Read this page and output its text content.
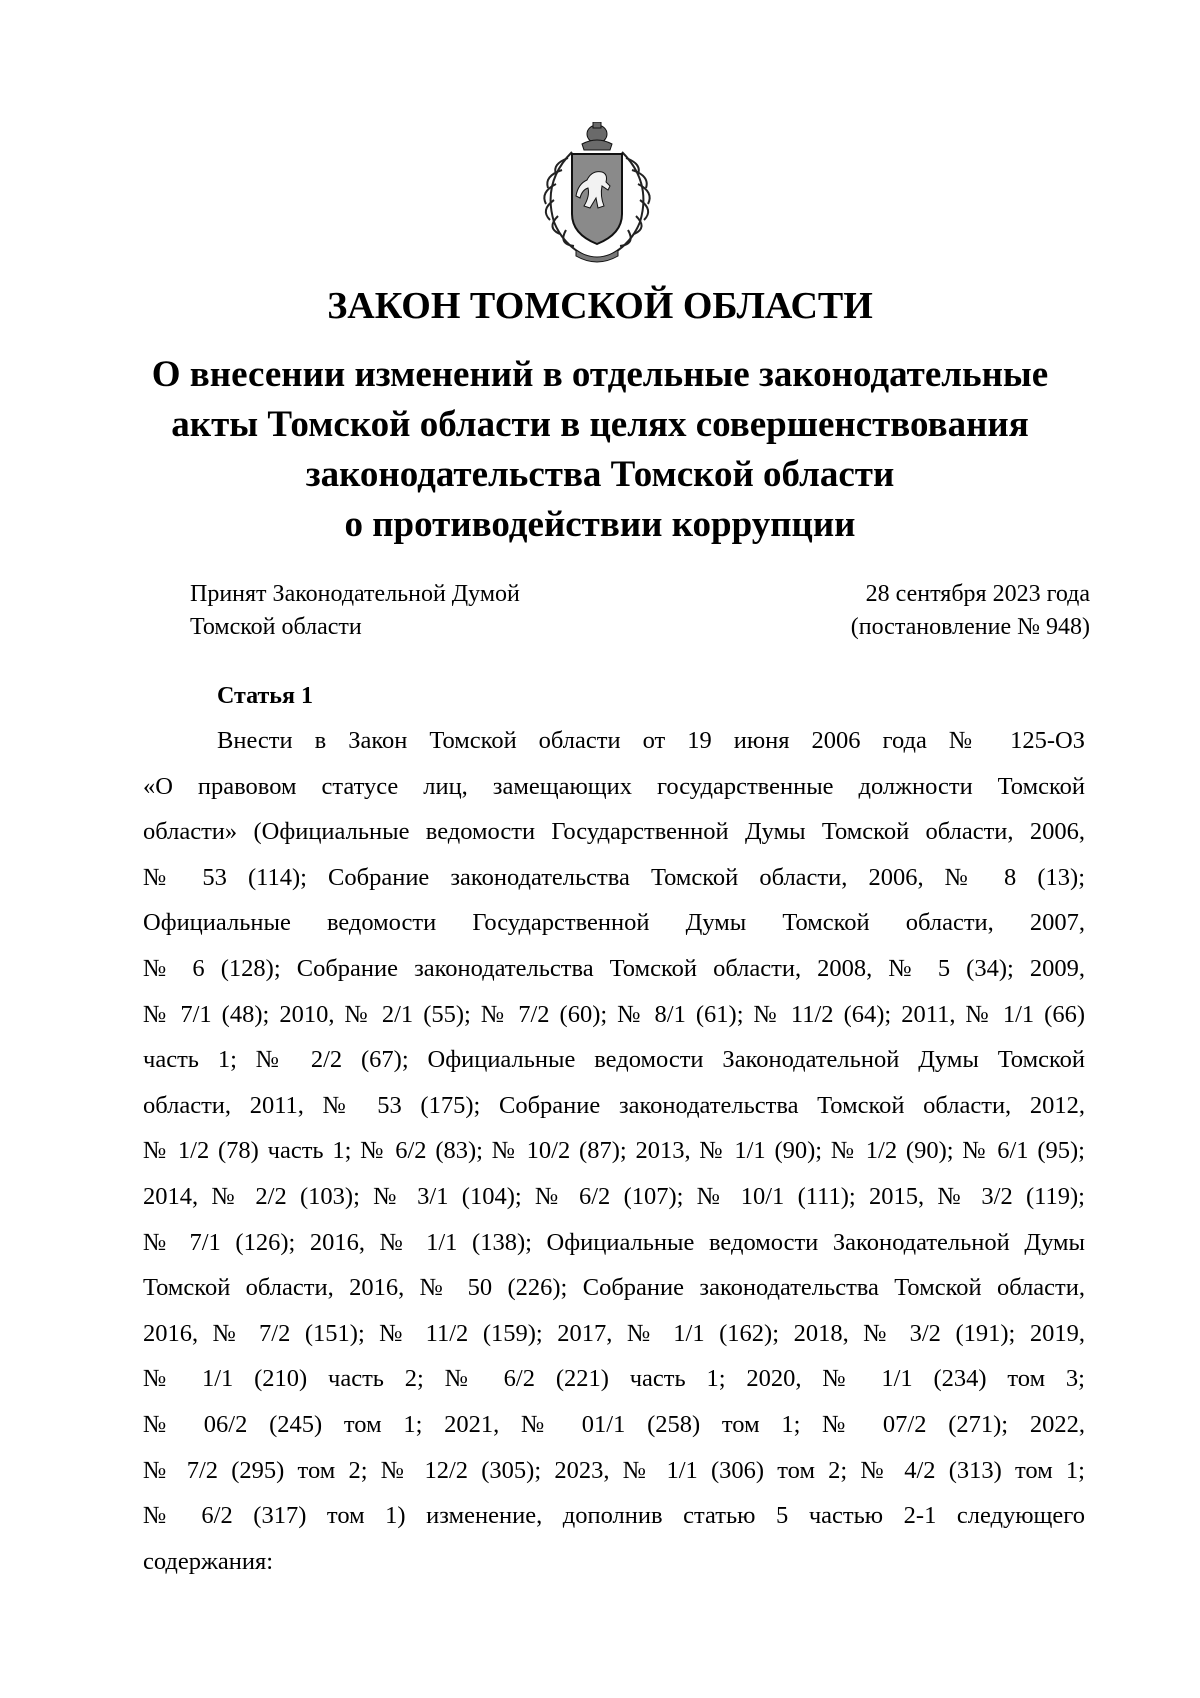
ЗАКОН ТОМСКОЙ ОБЛАСТИ
О внесении изменений в отдельные законодательные
акты Томской области в целях совершенствования
законодательства Томской области
о противодействии коррупции
Принят Законодательной Думой
Томской области
28 сентября 2023 года
(постановление № 948)
Статья 1
Внести в Закон Томской области от 19 июня 2006 года № 125-ОЗ
«О правовом статусе лиц, замещающих государственные должности Томской
области» (Официальные ведомости Государственной Думы Томской области, 2006,
№ 53 (114); Собрание законодательства Томской области, 2006, № 8 (13);
Официальные ведомости Государственной Думы Томской области, 2007,
№ 6 (128); Собрание законодательства Томской области, 2008, № 5 (34); 2009,
№ 7/1 (48); 2010, № 2/1 (55); № 7/2 (60); № 8/1 (61); № 11/2 (64); 2011, № 1/1 (66)
часть 1; № 2/2 (67); Официальные ведомости Законодательной Думы Томской
области, 2011, № 53 (175); Собрание законодательства Томской области, 2012,
№ 1/2 (78) часть 1; № 6/2 (83); № 10/2 (87); 2013, № 1/1 (90); № 1/2 (90); № 6/1 (95);
2014, № 2/2 (103); № 3/1 (104); № 6/2 (107); № 10/1 (111); 2015, № 3/2 (119);
№ 7/1 (126); 2016, № 1/1 (138); Официальные ведомости Законодательной Думы
Томской области, 2016, № 50 (226); Собрание законодательства Томской области,
2016, № 7/2 (151); № 11/2 (159); 2017, № 1/1 (162); 2018, № 3/2 (191); 2019,
№ 1/1 (210) часть 2; № 6/2 (221) часть 1; 2020, № 1/1 (234) том 3;
№ 06/2 (245) том 1; 2021, № 01/1 (258) том 1; № 07/2 (271); 2022,
№ 7/2 (295) том 2; № 12/2 (305); 2023, № 1/1 (306) том 2; № 4/2 (313) том 1;
№ 6/2 (317) том 1) изменение, дополнив статью 5 частью 2-1 следующего
содержания:
